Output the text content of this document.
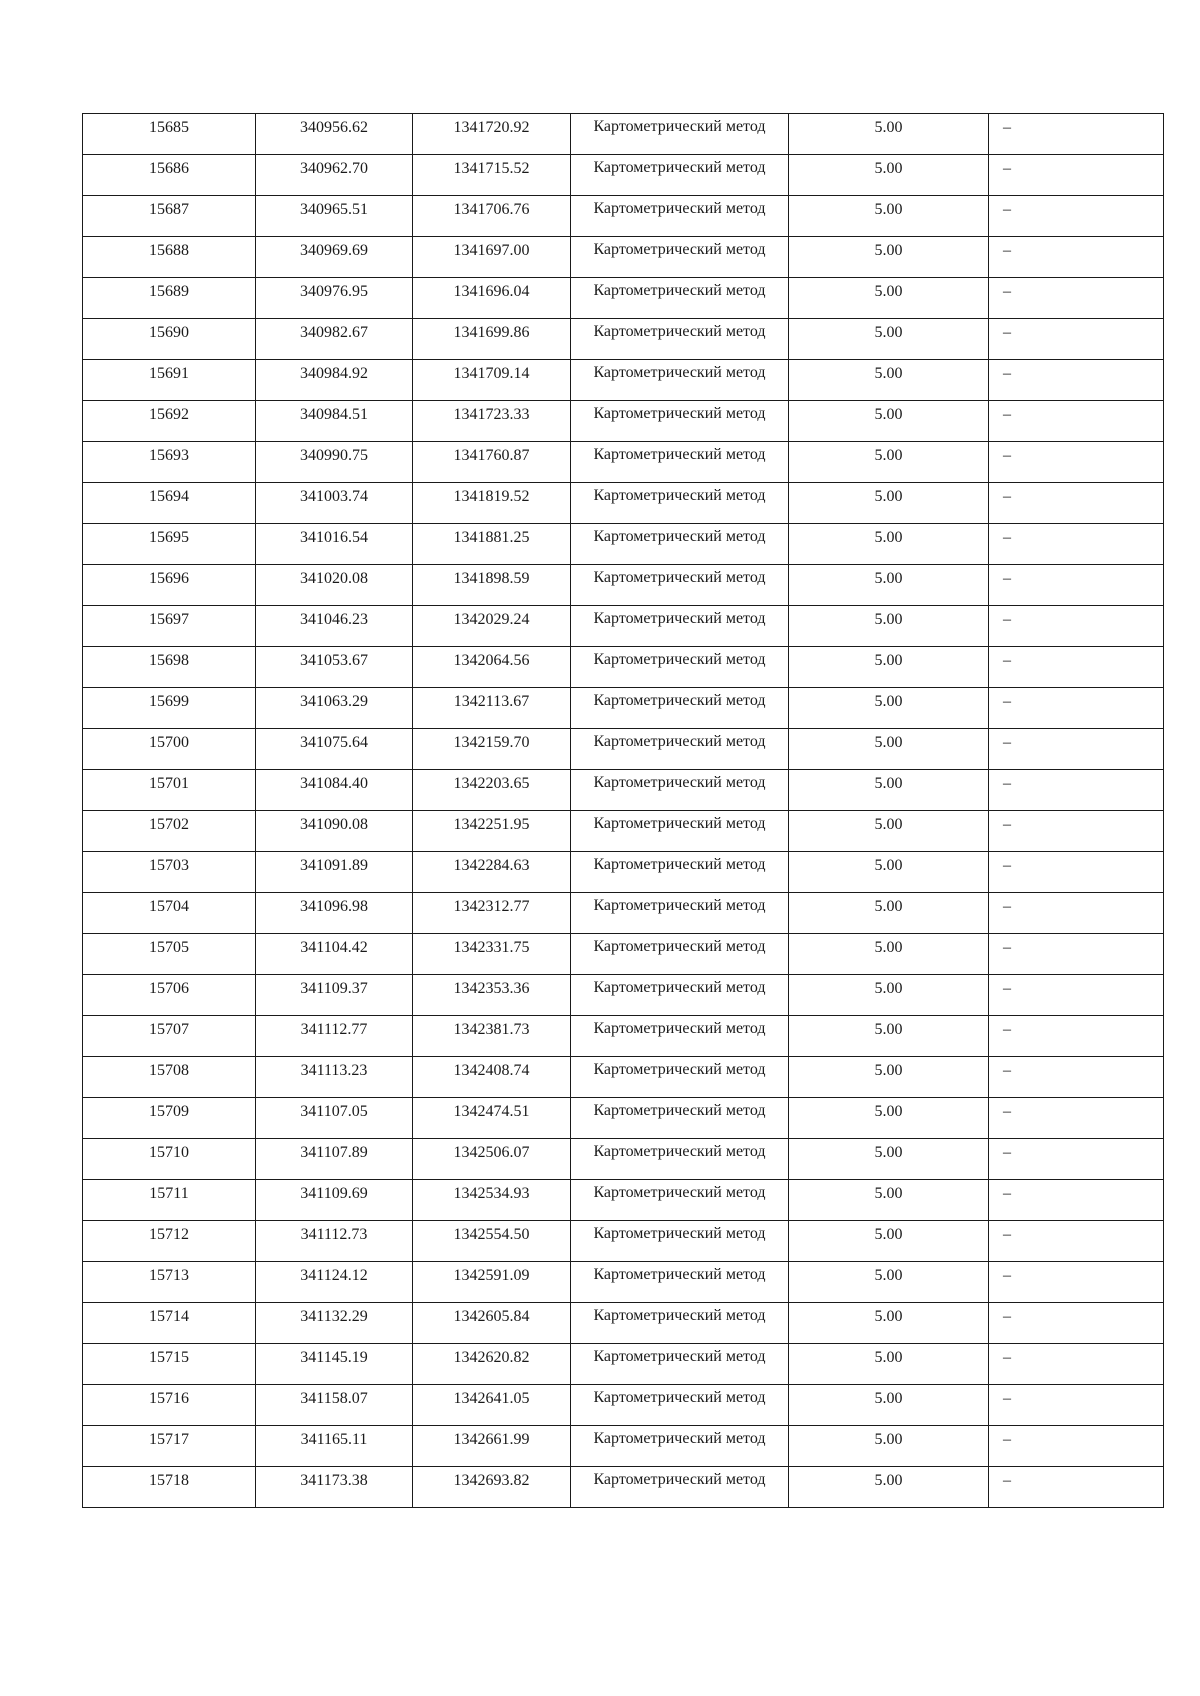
15685	340956.62	1341720.92	Картометрический метод	5.00	–

15686	340962.70	1341715.52	Картометрический метод	5.00	–

15687	340965.51	1341706.76	Картометрический метод	5.00	–

15688	340969.69	1341697.00	Картометрический метод	5.00	–

15689	340976.95	1341696.04	Картометрический метод	5.00	–

15690	340982.67	1341699.86	Картометрический метод	5.00	–

15691	340984.92	1341709.14	Картометрический метод	5.00	–

15692	340984.51	1341723.33	Картометрический метод	5.00	–

15693	340990.75	1341760.87	Картометрический метод	5.00	–

15694	341003.74	1341819.52	Картометрический метод	5.00	–

15695	341016.54	1341881.25	Картометрический метод	5.00	–

15696	341020.08	1341898.59	Картометрический метод	5.00	–

15697	341046.23	1342029.24	Картометрический метод	5.00	–

15698	341053.67	1342064.56	Картометрический метод	5.00	–

15699	341063.29	1342113.67	Картометрический метод	5.00	–

15700	341075.64	1342159.70	Картометрический метод	5.00	–

15701	341084.40	1342203.65	Картометрический метод	5.00	–

15702	341090.08	1342251.95	Картометрический метод	5.00	–

15703	341091.89	1342284.63	Картометрический метод	5.00	–

15704	341096.98	1342312.77	Картометрический метод	5.00	–

15705	341104.42	1342331.75	Картометрический метод	5.00	–

15706	341109.37	1342353.36	Картометрический метод	5.00	–

15707	341112.77	1342381.73	Картометрический метод	5.00	–

15708	341113.23	1342408.74	Картометрический метод	5.00	–

15709	341107.05	1342474.51	Картометрический метод	5.00	–

15710	341107.89	1342506.07	Картометрический метод	5.00	–

15711	341109.69	1342534.93	Картометрический метод	5.00	–

15712	341112.73	1342554.50	Картометрический метод	5.00	–

15713	341124.12	1342591.09	Картометрический метод	5.00	–

15714	341132.29	1342605.84	Картометрический метод	5.00	–

15715	341145.19	1342620.82	Картометрический метод	5.00	–

15716	341158.07	1342641.05	Картометрический метод	5.00	–

15717	341165.11	1342661.99	Картометрический метод	5.00	–

15718	341173.38	1342693.82	Картометрический метод	5.00	–
